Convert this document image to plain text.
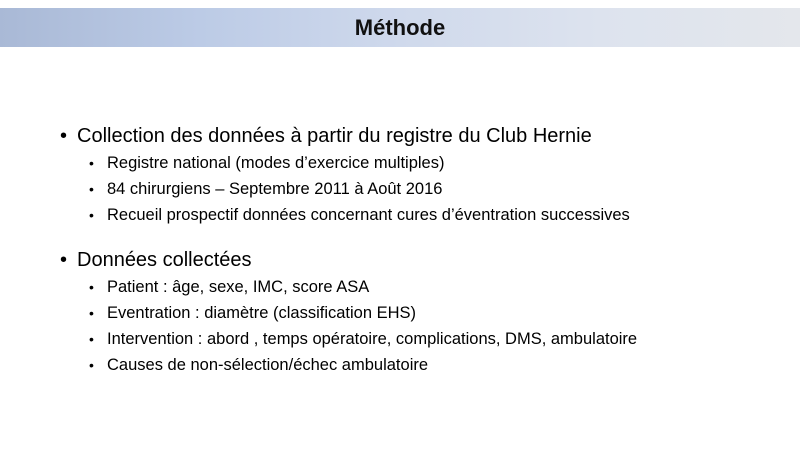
Méthode
• Collection des données à partir du registre du Club Hernie
• Registre national (modes d’exercice multiples)
• 84 chirurgiens – Septembre 2011 à Août 2016
• Recueil prospectif données concernant cures d’éventration successives
• Données collectées
• Patient : âge, sexe, IMC, score ASA
• Eventration : diamètre (classification EHS)
• Intervention : abord , temps opératoire, complications, DMS, ambulatoire
• Causes de non-sélection/échec ambulatoire
